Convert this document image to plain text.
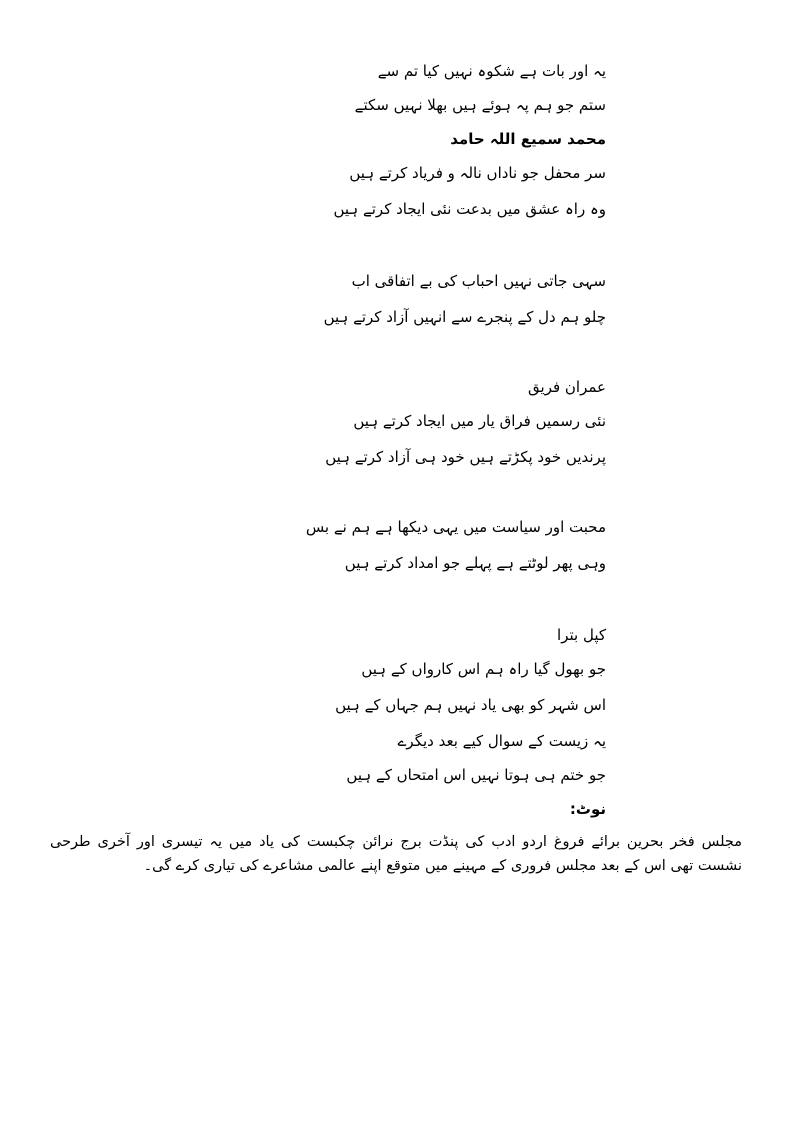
یہ اور بات ہے شکوہ نہیں کیا تم سے
ستم جو ہم پہ ہوئے ہیں بھلا نہیں سکتے
محمد سمیع اللہ حامد
سر محفل جو ناداں نالہ و فریاد کرتے ہیں
وہ راہ عشق میں بدعت نئی ایجاد کرتے ہیں
سہی جاتی نہیں احباب کی بے اتفاقی اب
چلو ہم دل کے پنجرے سے انہیں آزاد کرتے ہیں
عمران فریق
نئی رسمیں فراق یار میں ایجاد کرتے ہیں
پرندیں خود پکڑتے ہیں خود ہی آزاد کرتے ہیں
محبت اور سیاست میں یہی دیکھا ہے ہم نے بس
وہی پھر لوٹتے ہے پہلے جو امداد کرتے ہیں
کپل بترا
جو بھول گیا راہ ہم اس کارواں کے ہیں
اس شہر کو بھی یاد نہیں ہم جہاں کے ہیں
یہ زیست کے سوال کیے بعد دیگرے
جو ختم ہی ہوتا نہیں اس امتحاں کے ہیں
نوٹ:
مجلس فخر بحرین برائے فروغ اردو ادب کی پنڈت برج نرائن چکبست کی یاد میں یہ تیسری اور آخری طرحی نشست تھی اس کے بعد مجلس فروری کے مہینے میں متوقع اپنے عالمی مشاعرے کی تیاری کرے گی۔
